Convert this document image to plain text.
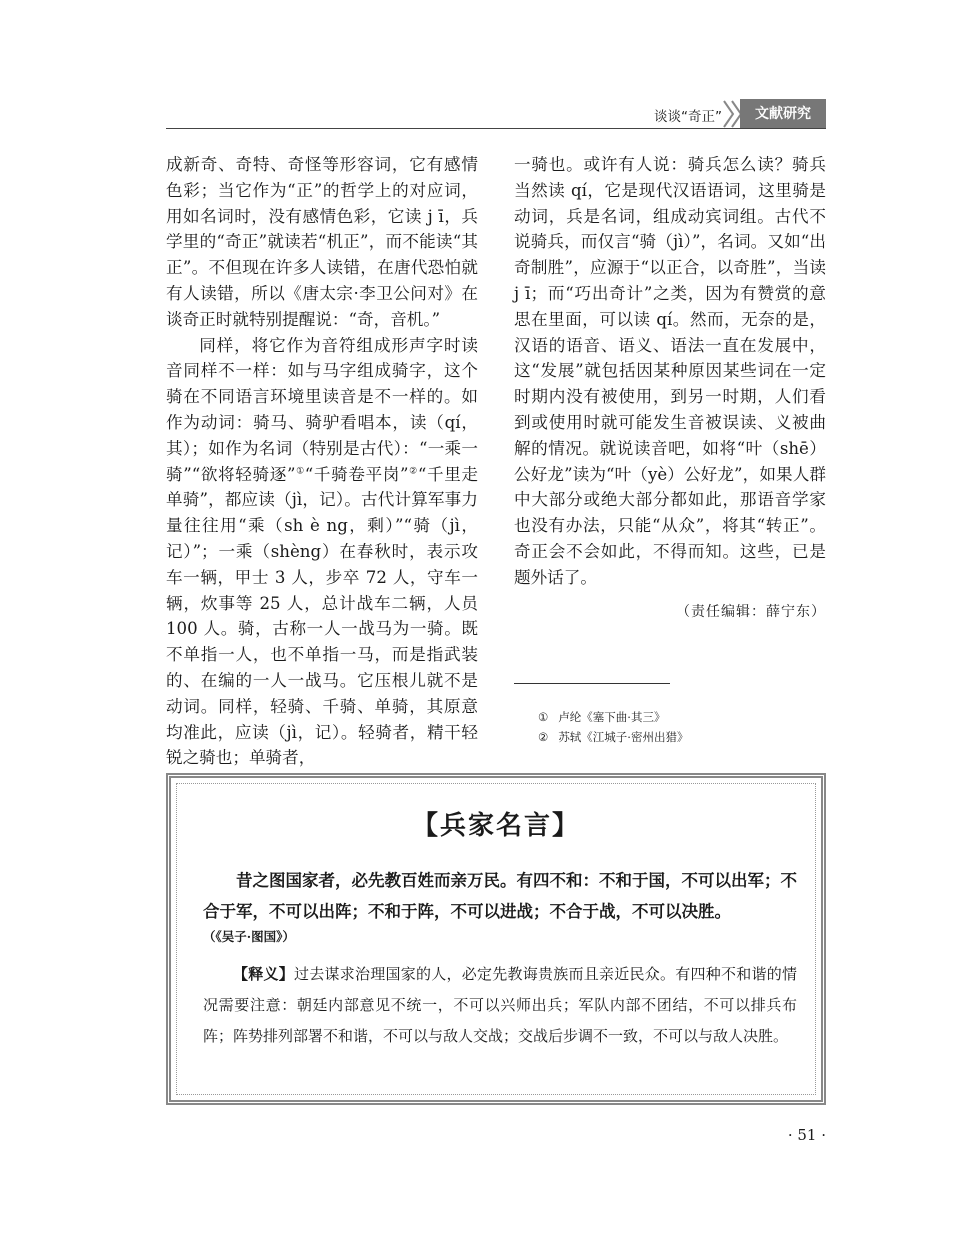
谈谈“奇正”	文献研究

成新奇、奇特、奇怪等形容词，它有感情色彩；当它作为“正”的哲学上的对应词，用如名词时，没有感情色彩，它读 j ī，兵学里的“奇正”就读若“机正”，而不能读“其正”。不但现在许多人读错，在唐代恐怕就有人读错，所以《唐太宗·李卫公问对》在谈奇正时就特别提醒说：“奇，音机。”

同样，将它作为音符组成形声字时读音同样不一样：如与马字组成骑字，这个骑在不同语言环境里读音是不一样的。如作为动词：骑马、骑驴看唱本，读（qí，其）；如作为名词（特别是古代）：“一乘一骑”“欲将轻骑逐”①“千骑卷平岗”②“千里走单骑”，都应读（jì，记）。古代计算军事力量往往用“乘（sh è ng，剩）”“骑（jì，记）”；一乘（shèng）在春秋时，表示攻车一辆，甲士 3 人，步卒 72 人，守车一辆，炊事等 25 人，总计战车二辆，人员 100 人。骑，古称一人一战马为一骑。既不单指一人，也不单指一马，而是指武装的、在编的一人一战马。它压根儿就不是动词。同样，轻骑、千骑、单骑，其原意均准此，应读（jì，记）。轻骑者，精干轻锐之骑也；单骑者，

一骑也。或许有人说：骑兵怎么读？骑兵当然读 qí，它是现代汉语语词，这里骑是动词，兵是名词，组成动宾词组。古代不说骑兵，而仅言“骑（jì）”，名词。又如“出奇制胜”，应源于“以正合，以奇胜”，当读 j ī；而“巧出奇计”之类，因为有赞赏的意思在里面，可以读 qí。然而，无奈的是，汉语的语音、语义、语法一直在发展中，这“发展”就包括因某种原因某些词在一定时期内没有被使用，到另一时期，人们看到或使用时就可能发生音被误读、义被曲解的情况。就说读音吧，如将“叶（shē）公好龙”读为“叶（yè）公好龙”，如果人群中大部分或绝大部分都如此，那语音学家也没有办法，只能“从众”，将其“转正”。奇正会不会如此，不得而知。这些，已是题外话了。

（责任编辑：薛宁东）
① 卢纶《塞下曲·其三》
② 苏轼《江城子·密州出猎》
【兵家名言】

昔之图国家者，必先教百姓而亲万民。有四不和：不和于国，不可以出军；不合于军，不可以出阵；不和于阵，不可以进战；不合于战，不可以决胜。

（《吴子·图国》）

【释义】过去谋求治理国家的人，必定先教诲贵族而且亲近民众。有四种不和谐的情况需要注意：朝廷内部意见不统一，不可以兴师出兵；军队内部不团结，不可以排兵布阵；阵势排列部署不和谐，不可以与敌人交战；交战后步调不一致，不可以与敌人决胜。

· 51 ·
